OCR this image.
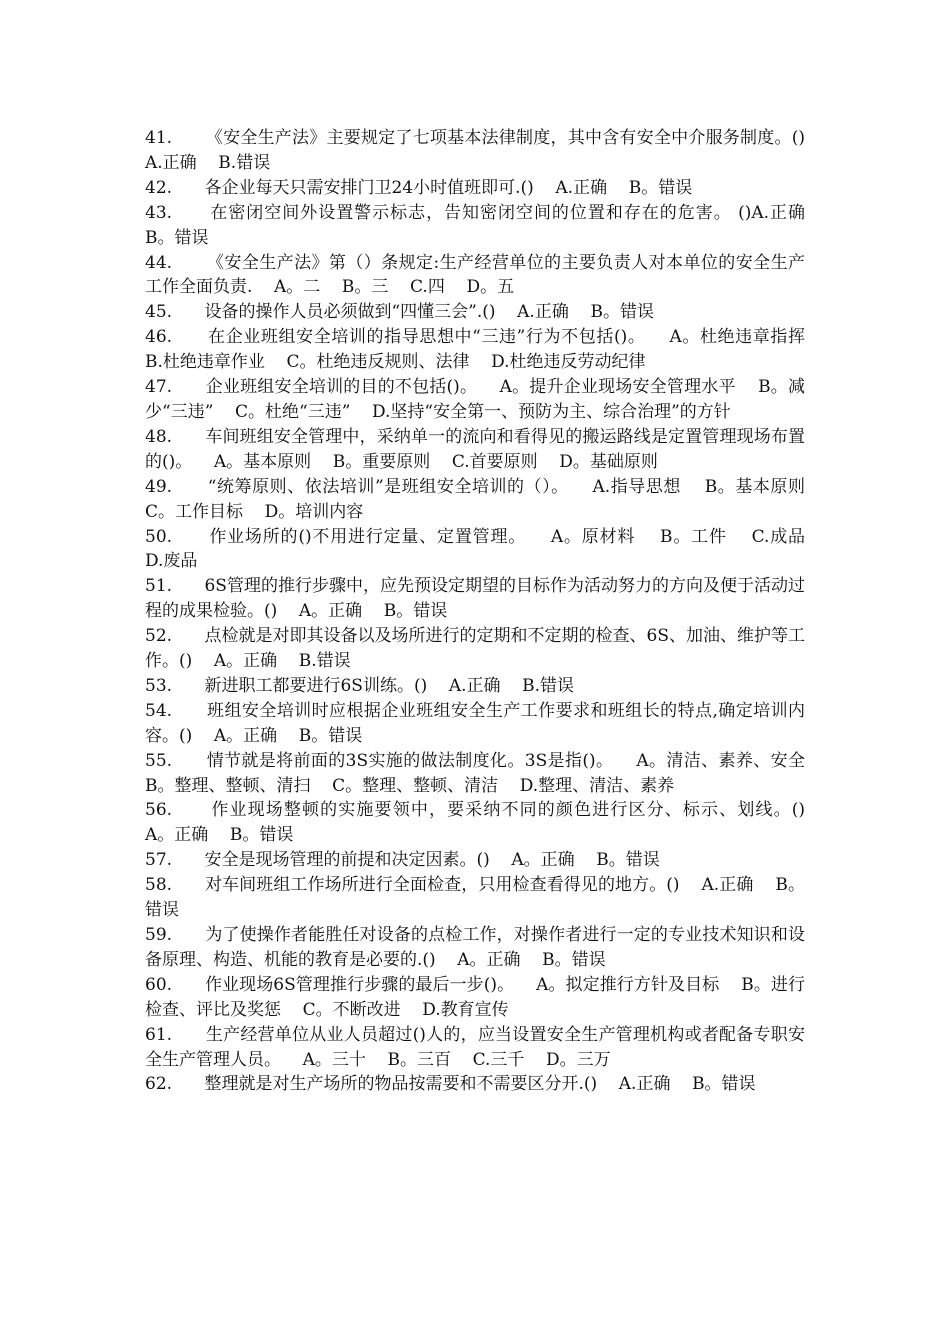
41. 《安全生产法》主要规定了七项基本法律制度，其中含有安全中介服务制度。()    A.正确    B.错误

42. 各企业每天只需安排门卫24小时值班即可.()    A.正确    B。错误

43. 在密闭空间外设置警示标志，告知密闭空间的位置和存在的危害。 ()A.正确    B。错误

44. 《安全生产法》第（）条规定:生产经营单位的主要负责人对本单位的安全生产工作全面负责.    A。二    B。三    C.四    D。五

45. 设备的操作人员必须做到“四懂三会”.()    A.正确    B。错误

46. 在企业班组安全培训的指导思想中“三违”行为不包括()。    A。杜绝违章指挥    B.杜绝违章作业    C。杜绝违反规则、法律    D.杜绝违反劳动纪律

47. 企业班组安全培训的目的不包括()。    A。提升企业现场安全管理水平    B。减少“三违”    C。杜绝“三违”    D.坚持“安全第一、预防为主、综合治理”的方针

48. 车间班组安全管理中，采纳单一的流向和看得见的搬运路线是定置管理现场布置的()。    A。基本原则    B。重要原则    C.首要原则    D。基础原则

49. “统筹原则、依法培训”是班组安全培训的（）。    A.指导思想    B。基本原则    C。工作目标    D。培训内容

50. 作业场所的()不用进行定量、定置管理。    A。原材料    B。工件    C.成品    D.废品

51. 6S管理的推行步骤中，应先预设定期望的目标作为活动努力的方向及便于活动过程的成果检验。()    A。正确    B。错误

52. 点检就是对即其设备以及场所进行的定期和不定期的检查、6S、加油、维护等工作。()    A。正确    B.错误

53. 新进职工都要进行6S训练。()    A.正确    B.错误

54. 班组安全培训时应根据企业班组安全生产工作要求和班组长的特点,确定培训内容。()    A。正确    B。错误

55. 情节就是将前面的3S实施的做法制度化。3S是指()。    A。清洁、素养、安全    B。整理、整顿、清扫    C。整理、整顿、清洁    D.整理、清洁、素养

56. 作业现场整顿的实施要领中，要采纳不同的颜色进行区分、标示、划线。()    A。正确    B。错误

57. 安全是现场管理的前提和决定因素。()    A。正确    B。错误

58. 对车间班组工作场所进行全面检查，只用检查看得见的地方。()    A.正确    B。错误

59. 为了使操作者能胜任对设备的点检工作，对操作者进行一定的专业技术知识和设备原理、构造、机能的教育是必要的.()    A。正确    B。错误

60. 作业现场6S管理推行步骤的最后一步()。    A。拟定推行方针及目标    B。进行检查、评比及奖惩    C。不断改进    D.教育宣传

61. 生产经营单位从业人员超过()人的，应当设置安全生产管理机构或者配备专职安全生产管理人员。    A。三十    B。三百    C.三千    D。三万

62. 整理就是对生产场所的物品按需要和不需要区分开.()    A.正确    B。错误
